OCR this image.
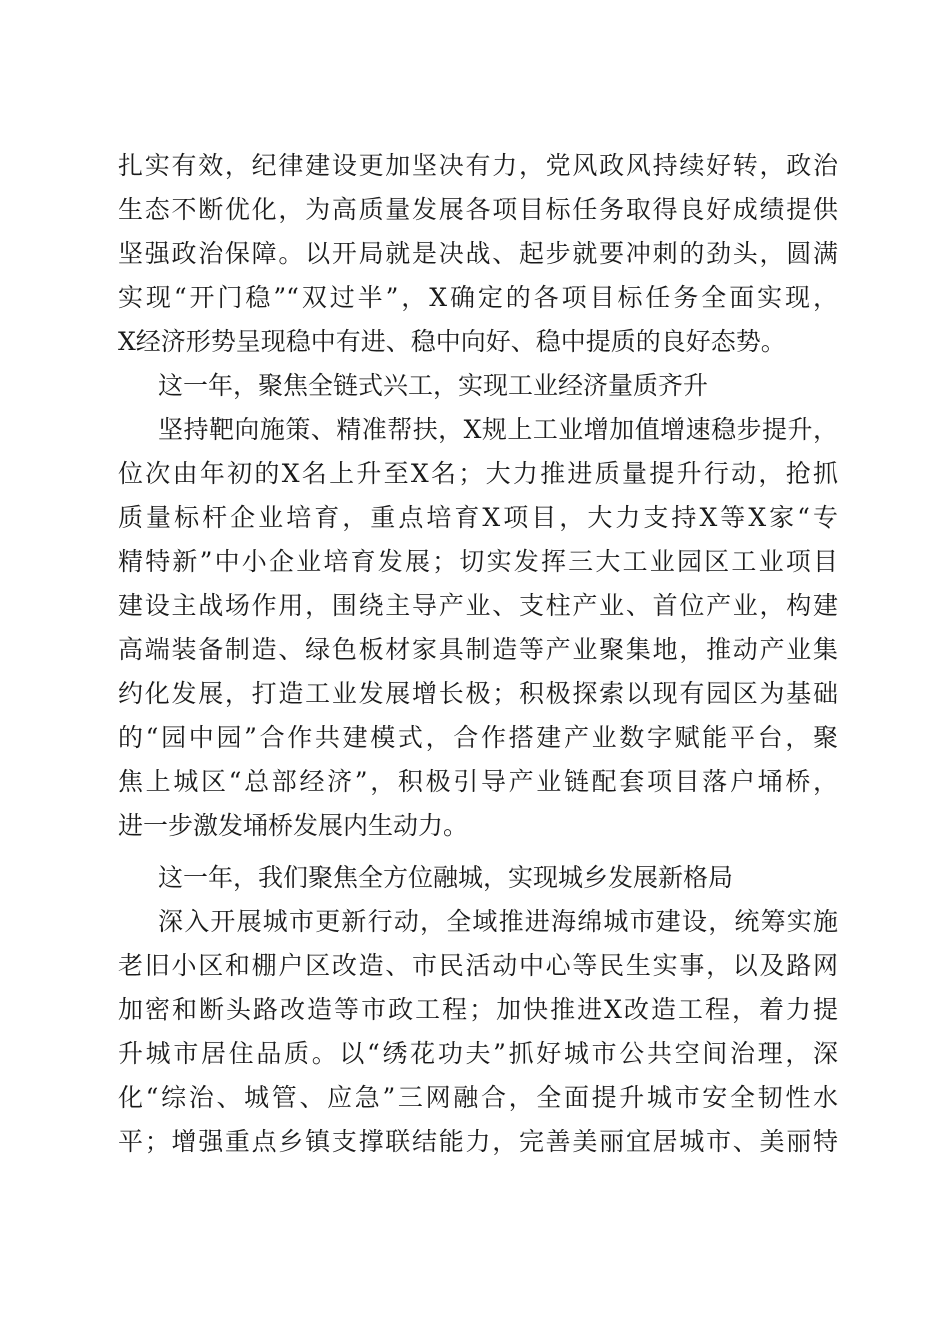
扎实有效，纪律建设更加坚决有力，党风政风持续好转，政治
生态不断优化，为高质量发展各项目标任务取得良好成绩提供
坚强政治保障。以开局就是决战、起步就要冲刺的劲头，圆满
实现“开门稳”“双过半”，X确定的各项目标任务全面实现，
X经济形势呈现稳中有进、稳中向好、稳中提质的良好态势。
这一年，聚焦全链式兴工，实现工业经济量质齐升
坚持靶向施策、精准帮扶，X规上工业增加值增速稳步提升，
位次由年初的X名上升至X名；大力推进质量提升行动，抢抓
质量标杆企业培育，重点培育X项目，大力支持X等X家“专
精特新”中小企业培育发展；切实发挥三大工业园区工业项目
建设主战场作用，围绕主导产业、支柱产业、首位产业，构建
高端装备制造、绿色板材家具制造等产业聚集地，推动产业集
约化发展，打造工业发展增长极；积极探索以现有园区为基础
的“园中园”合作共建模式，合作搭建产业数字赋能平台，聚
焦上城区“总部经济”，积极引导产业链配套项目落户埇桥，
进一步激发埇桥发展内生动力。
这一年，我们聚焦全方位融城，实现城乡发展新格局
深入开展城市更新行动，全域推进海绵城市建设，统筹实施
老旧小区和棚户区改造、市民活动中心等民生实事，以及路网
加密和断头路改造等市政工程；加快推进X改造工程，着力提
升城市居住品质。以“绣花功夫”抓好城市公共空间治理，深
化“综治、城管、应急”三网融合，全面提升城市安全韧性水
平；增强重点乡镇支撑联结能力，完善美丽宜居城市、美丽特
